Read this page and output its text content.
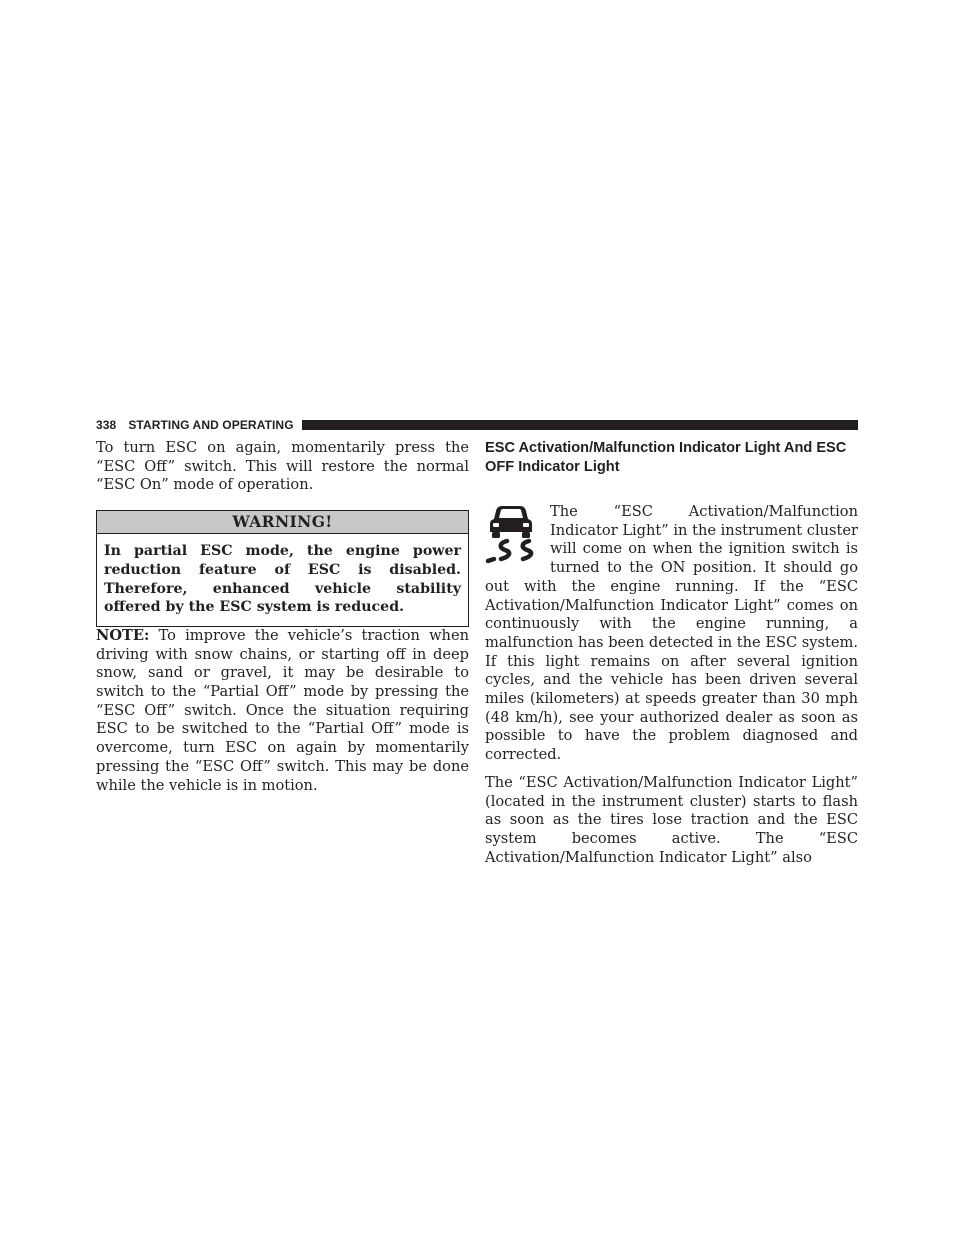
338 STARTING AND OPERATING

To turn ESC on again, momentarily press the “ESC Off” switch. This will restore the normal “ESC On” mode of operation.

WARNING!
In partial ESC mode, the engine power reduction feature of ESC is disabled. Therefore, enhanced vehicle stability offered by the ESC system is reduced.

NOTE: To improve the vehicle’s traction when driving with snow chains, or starting off in deep snow, sand or gravel, it may be desirable to switch to the “Partial Off” mode by pressing the “ESC Off” switch. Once the situation requiring ESC to be switched to the “Partial Off” mode is overcome, turn ESC on again by momentarily pressing the “ESC Off” switch. This may be done while the vehicle is in motion.

ESC Activation/Malfunction Indicator Light And ESC OFF Indicator Light

The “ESC Activation/Malfunction Indicator Light” in the instrument cluster will come on when the ignition switch is turned to the ON position. It should go out with the engine running. If the “ESC Activation/Malfunction Indicator Light” comes on continuously with the engine running, a malfunction has been detected in the ESC system. If this light remains on after several ignition cycles, and the vehicle has been driven several miles (kilometers) at speeds greater than 30 mph (48 km/h), see your authorized dealer as soon as possible to have the problem diagnosed and corrected.

The “ESC Activation/Malfunction Indicator Light” (located in the instrument cluster) starts to flash as soon as the tires lose traction and the ESC system becomes active. The “ESC Activation/Malfunction Indicator Light” also
